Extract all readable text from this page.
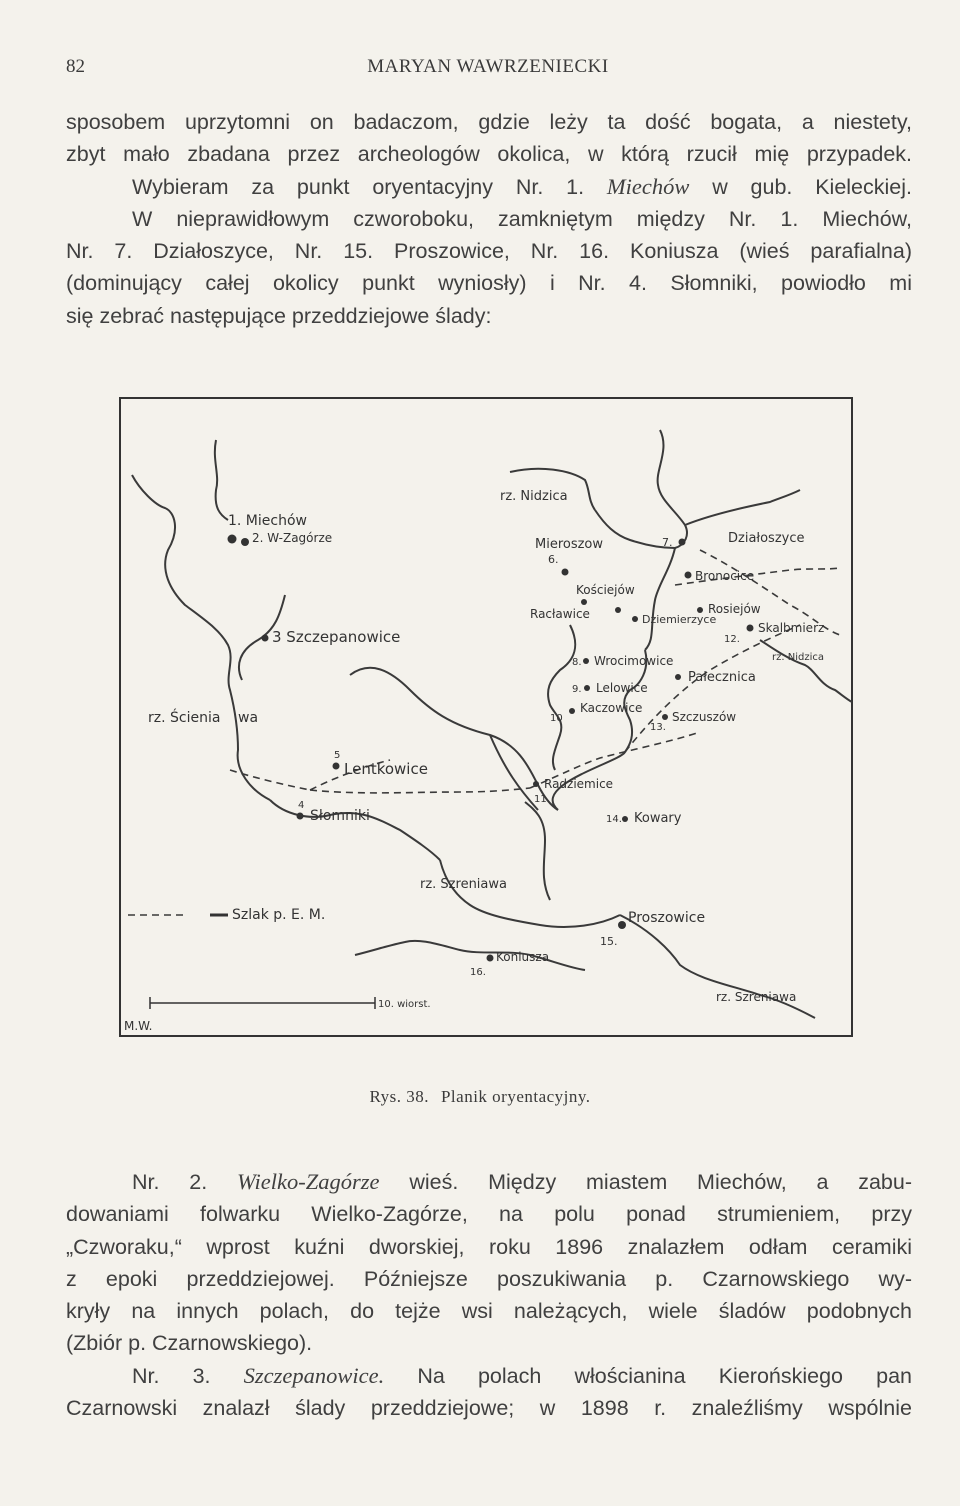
82	MARYAN WAWRZENIECKI
sposobem uprzytomni on badaczom, gdzie leży ta dość bogata, a niestety,
zbyt mało zbadana przez archeologów okolica, w którą rzucił mię przypadek.
Wybieram za punkt oryentacyjny Nr. 1. Miechów w gub. Kieleckiej.
W nieprawidłowym czworoboku, zamkniętym między Nr. 1. Miechów,
Nr. 7. Działoszyce, Nr. 15. Proszowice, Nr. 16. Koniusza (wieś parafialna)
(dominujący całej okolicy punkt wyniosły) i Nr. 4. Słomniki, powiodło mi
się zebrać następujące przeddziejowe ślady:
1. Miechów
2. W-Zagórze
3 Szczepanowice
rz. Ścienia wa
5
Lentkowice
4
Słomniki
rz. Nidzica
Mieroszow
6.
7.	Działoszyce
Bronocice
Kościejów
Racławice	Dziemierzyce
Rosiejów
Skalbmierz
12.
rz. Nidzica
8. Wrocimowice
Pałecznica
9. Lelowice
Kaczowice
10
13.
Szczuszów
Radziemice
11.
14. Kowary
rz. Szreniawa
Proszowice
15.
Koniusza
16.
rz. Szreniawa
Szlak p. E. M.
10. wiorst.
M.W.
Rys. 38. Planik oryentacyjny.
Nr. 2. Wielko-Zagórze wieś. Między miastem Miechów, a zabu-
dowaniami folwarku Wielko-Zagórze, na polu ponad strumieniem, przy
„Czworaku,“ wprost kuźni dworskiej, roku 1896 znalazłem odłam ceramiki
z epoki przeddziejowej. Późniejsze poszukiwania p. Czarnowskiego wy-
kryły na innych polach, do tejże wsi należących, wiele śladów podobnych
(Zbiór p. Czarnowskiego).
Nr. 3. Szczepanowice. Na polach włościanina Kierońskiego pan
Czarnowski znalazł ślady przeddziejowe; w 1898 r. znaleźliśmy wspólnie
